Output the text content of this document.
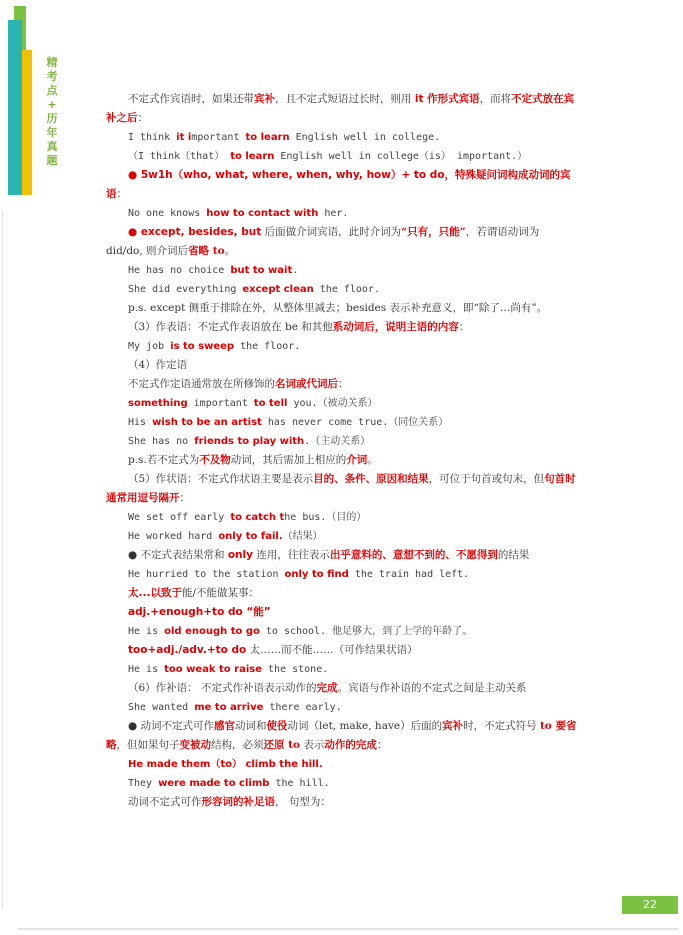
精
考
点
+
历
年
真
题

不定式作宾语时，如果还带宾补，且不定式短语过长时，则用 it 作形式宾语，而将不定式放在宾补之后：

I think it important to learn English well in college.

（I think（that） to learn English well in college（is） important.）

● 5w1h（who, what, where, when, why, how）+ to do，特殊疑问词构成动词的宾语：

No one knows how to contact with her.

● except, besides, but 后面做介词宾语，此时介词为“只有，只能”，若谓语动词为 did/do, 则介词后省略 to。

He has no choice but to wait.

She did everything except clean the floor.

p.s. except 侧重于排除在外，从整体里减去；besides 表示补充意义，即“除了…尚有”。

（3）作表语：不定式作表语放在 be 和其他系动词后，说明主语的内容：

My job is to sweep the floor.

（4）作定语

不定式作定语通常放在所修饰的名词或代词后：

something important to tell you.（被动关系）

His wish to be an artist has never come true.（同位关系）

She has no friends to play with.（主动关系）

p.s.若不定式为不及物动词，其后需加上相应的介词。

（5）作状语：不定式作状语主要是表示目的、条件、原因和结果，可位于句首或句末，但句首时通常用逗号隔开：

We set off early to catch the bus.（目的）

He worked hard only to fail.（结果）

● 不定式表结果常和 only 连用，往往表示出乎意料的、意想不到的、不愿得到的结果

He hurried to the station only to find the train had left.

太...以致于能/不能做某事：

adj.+enough+to do “能”

He is old enough to go to school. 他足够大，到了上学的年龄了。

too+adj./adv.+to do 太……而不能……（可作结果状语）

He is too weak to raise the stone.

（6）作补语： 不定式作补语表示动作的完成。宾语与作补语的不定式之间是主动关系

She wanted me to arrive there early.

● 动词不定式可作感官动词和使役动词（let, make, have）后面的宾补时，不定式符号 to 要省略，但如果句子变被动结构，必须还原 to 表示动作的完成：

He made them（to） climb the hill.

They were made to climb the hill.

动词不定式可作形容词的补足语， 句型为：

22
